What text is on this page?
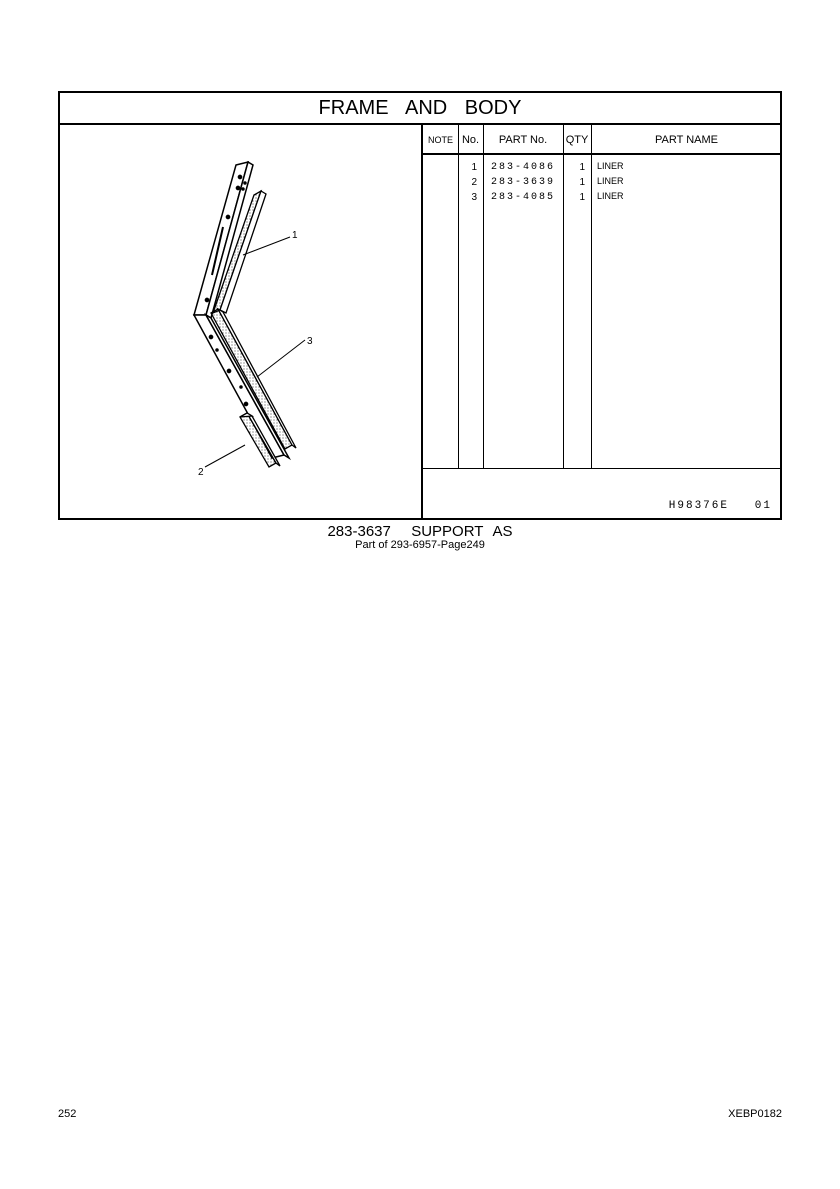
FRAME AND BODY
1
3
2
NOTE No.	PART No.	QTY	PART NAME
1 283-4086	1 LINER
2 283-3639	1 LINER
3 283-4085	1 LINER
H98376E   01
283-3637  SUPPORT AS
Part of 293-6957-Page249
252	XEBP0182
